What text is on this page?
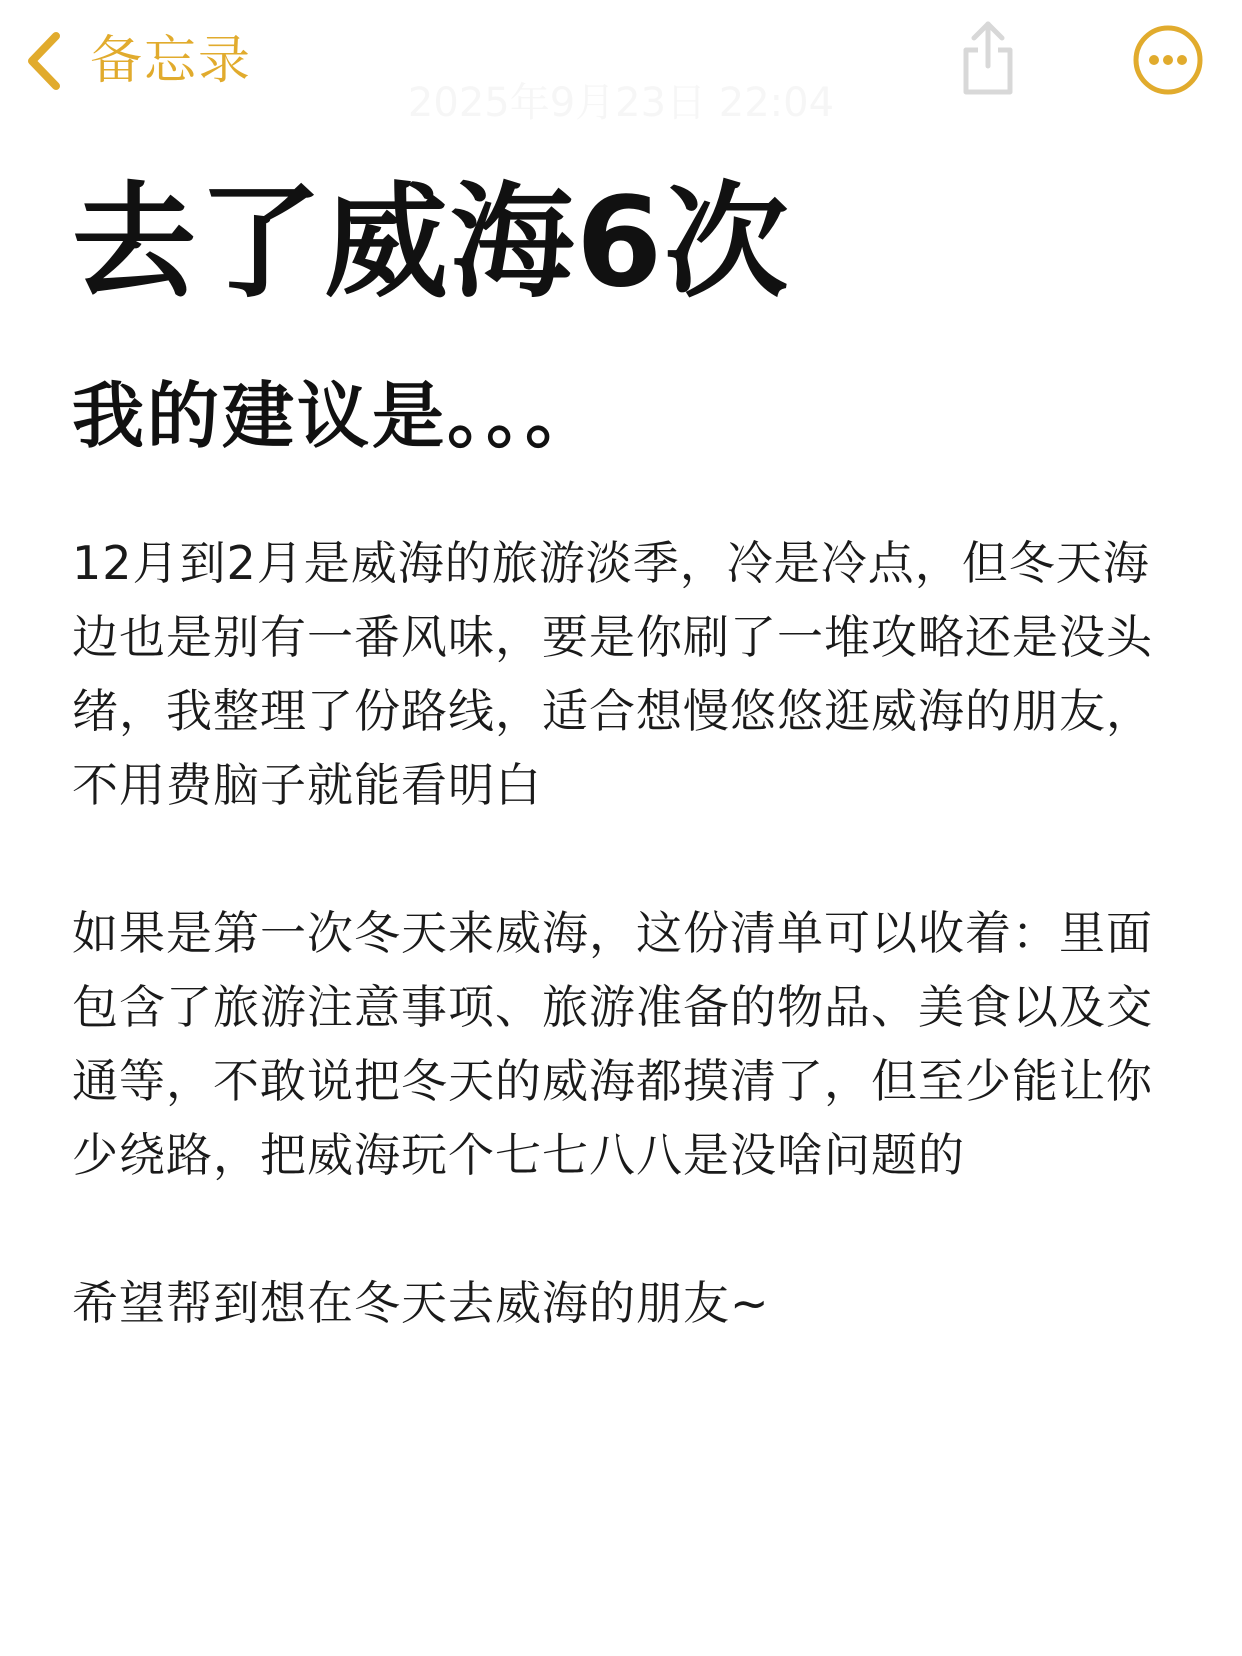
备忘录
2025年9月23日 22:04
去了威海6次
我的建议是。。。

12月到2月是威海的旅游淡季，冷是冷点，但冬天海边也是别有一番风味，要是你刷了一堆攻略还是没头绪，我整理了份路线，适合想慢悠悠逛威海的朋友，不用费脑子就能看明白

如果是第一次冬天来威海，这份清单可以收着：里面包含了旅游注意事项、旅游准备的物品、美食以及交通等，不敢说把冬天的威海都摸清了，但至少能让你少绕路，把威海玩个七七八八是没啥问题的

希望帮到想在冬天去威海的朋友~
